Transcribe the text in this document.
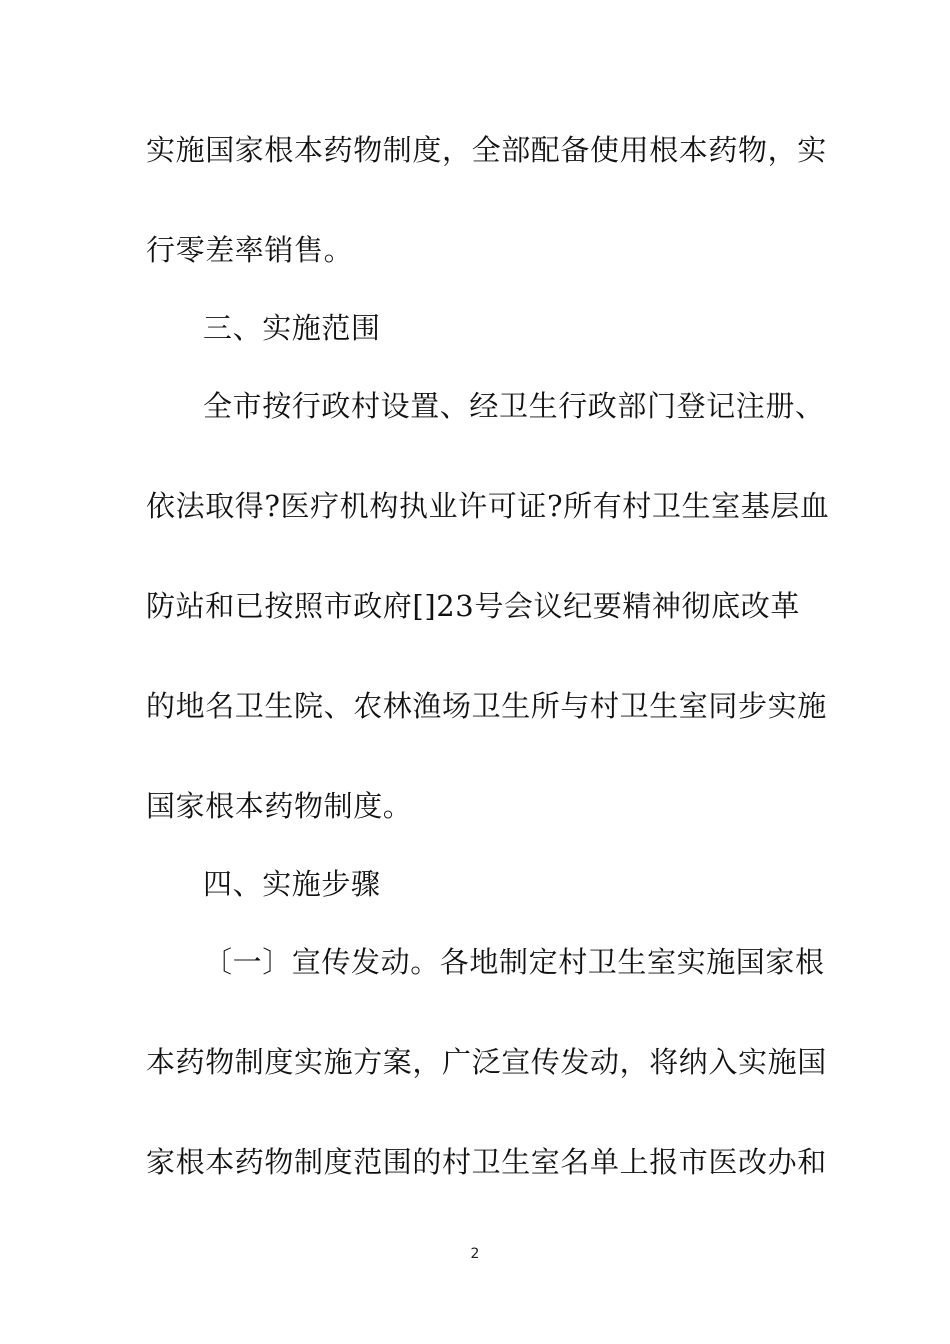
实施国家根本药物制度，全部配备使用根本药物，实
行零差率销售。
三、实施范围
全市按行政村设置、经卫生行政部门登记注册、
依法取得?医疗机构执业许可证?所有村卫生室基层血
防站和已按照市政府[]23号会议纪要精神彻底改革
的地名卫生院、农林渔场卫生所与村卫生室同步实施
国家根本药物制度。
四、实施步骤
〔一〕宣传发动。各地制定村卫生室实施国家根
本药物制度实施方案，广泛宣传发动，将纳入实施国
家根本药物制度范围的村卫生室名单上报市医改办和
2
